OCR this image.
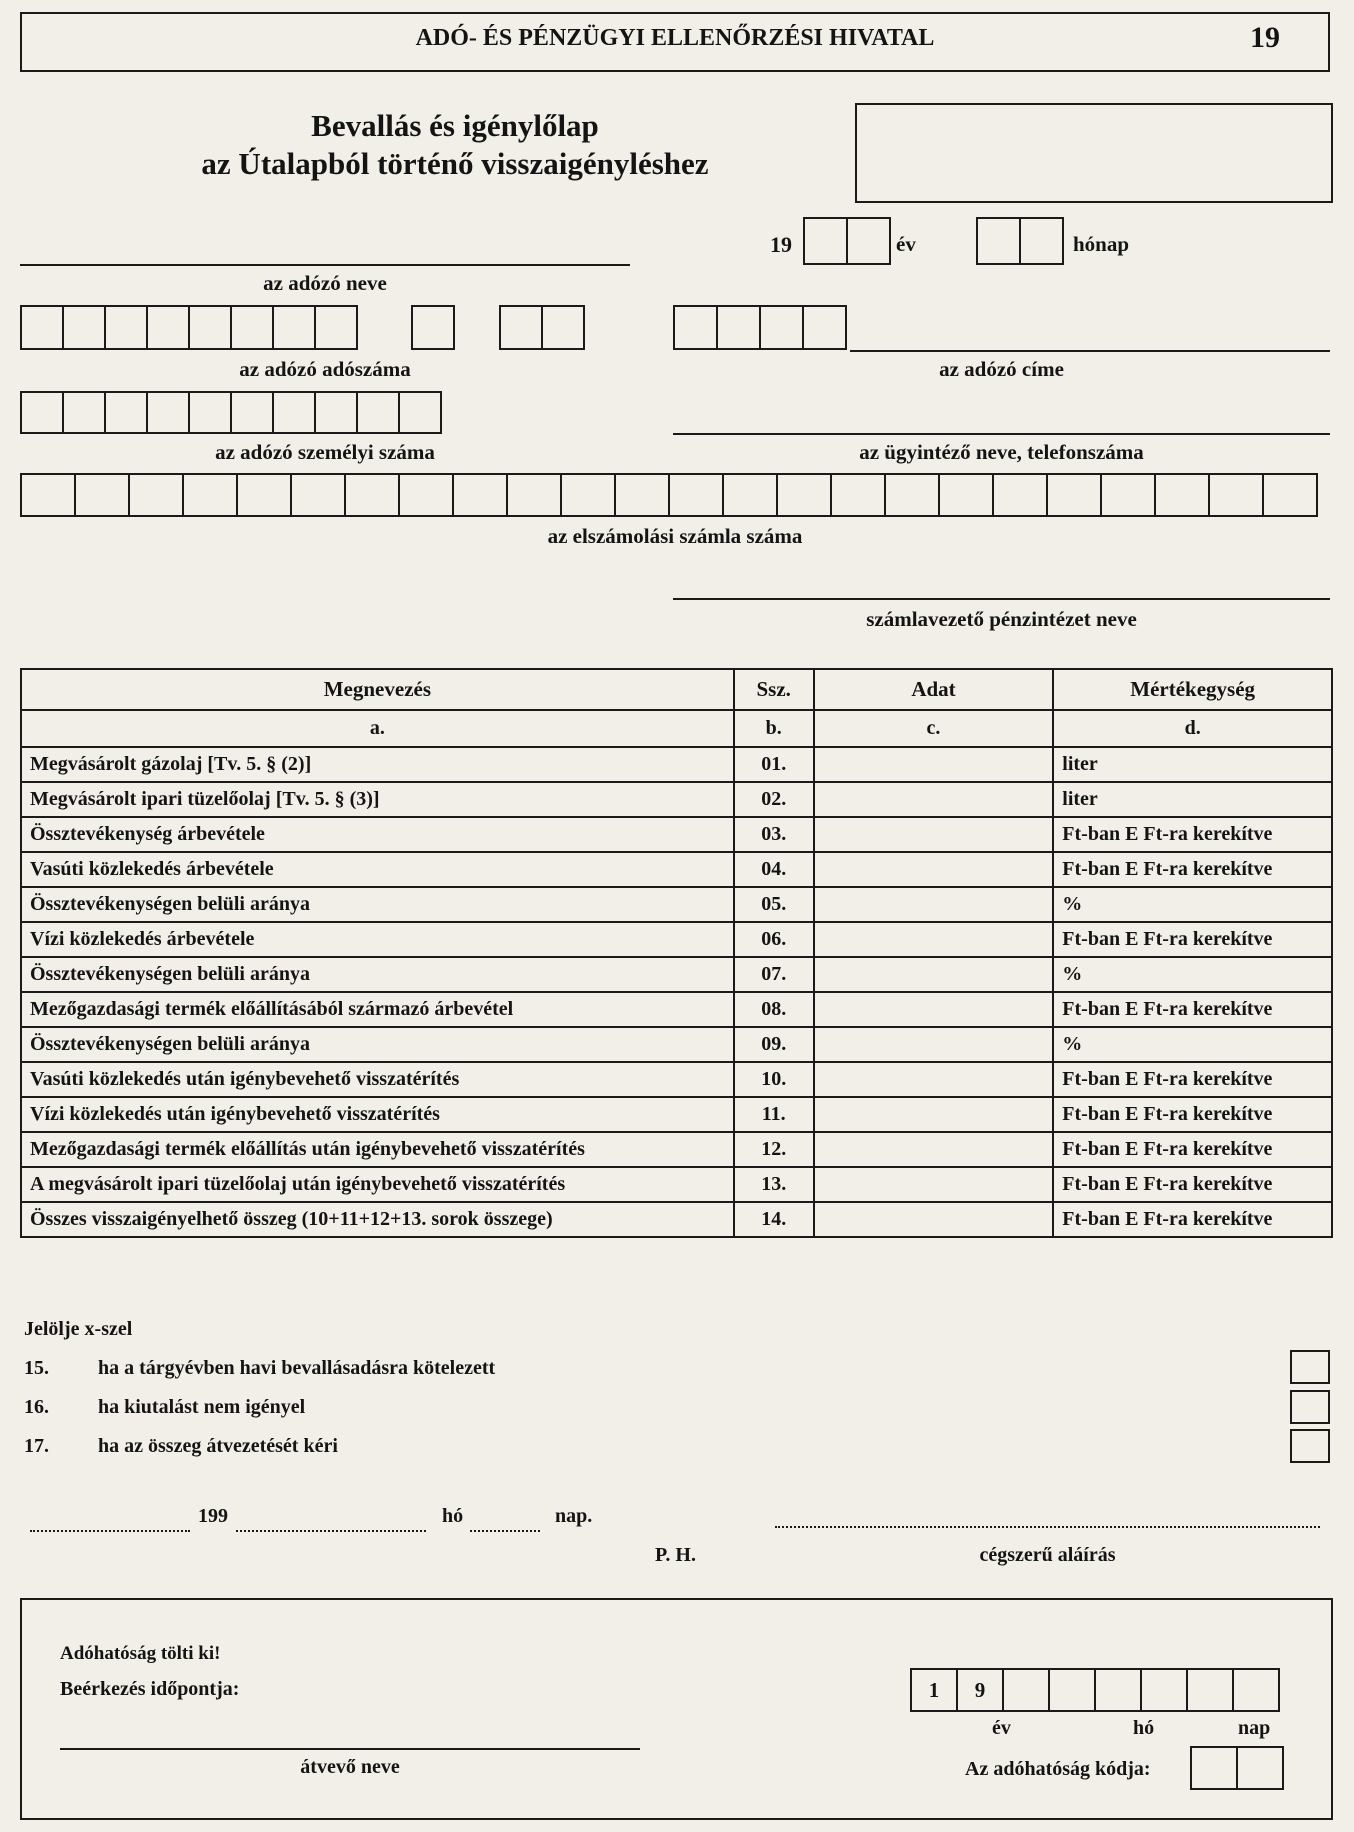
ADÓ- ÉS PÉNZÜGYI ELLENŐRZÉSI HIVATAL	19
Bevallás és igénylőlap
az Útalapból történő visszaigényléshez
19	év	hónap
az adózó neve
az adózó adószáma	az adózó címe
az adózó személyi száma	az ügyintéző neve, telefonszáma
az elszámolási számla száma
számlavezető pénzintézet neve
Megnevezés	Ssz.	Adat	Mértékegység
a.	b.	c.	d.
Megvásárolt gázolaj [Tv. 5. § (2)]	01.		liter
Megvásárolt ipari tüzelőolaj [Tv. 5. § (3)]	02.		liter
Össztevékenység árbevétele	03.		Ft-ban E Ft-ra kerekítve
Vasúti közlekedés árbevétele	04.		Ft-ban E Ft-ra kerekítve
Össztevékenységen belüli aránya	05.		%
Vízi közlekedés árbevétele	06.		Ft-ban E Ft-ra kerekítve
Össztevékenységen belüli aránya	07.		%
Mezőgazdasági termék előállításából származó árbevétel	08.		Ft-ban E Ft-ra kerekítve
Össztevékenységen belüli aránya	09.		%
Vasúti közlekedés után igénybevehető visszatérítés	10.		Ft-ban E Ft-ra kerekítve
Vízi közlekedés után igénybevehető visszatérítés	11.		Ft-ban E Ft-ra kerekítve
Mezőgazdasági termék előállítás után igénybevehető visszatérítés	12.		Ft-ban E Ft-ra kerekítve
A megvásárolt ipari tüzelőolaj után igénybevehető visszatérítés	13.		Ft-ban E Ft-ra kerekítve
Összes visszaigényelhető összeg (10+11+12+13. sorok összege)	14.		Ft-ban E Ft-ra kerekítve
Jelölje x-szel
15. ha a tárgyévben havi bevallásadásra kötelezett
16. ha kiutalást nem igényel
17. ha az összeg átvezetését kéri
199	hó	nap.
P. H.	cégszerű aláírás
Adóhatóság tölti ki!
Beérkezés időpontja:	1	9
év	hó	nap
átvevő neve	Az adóhatóság kódja:
